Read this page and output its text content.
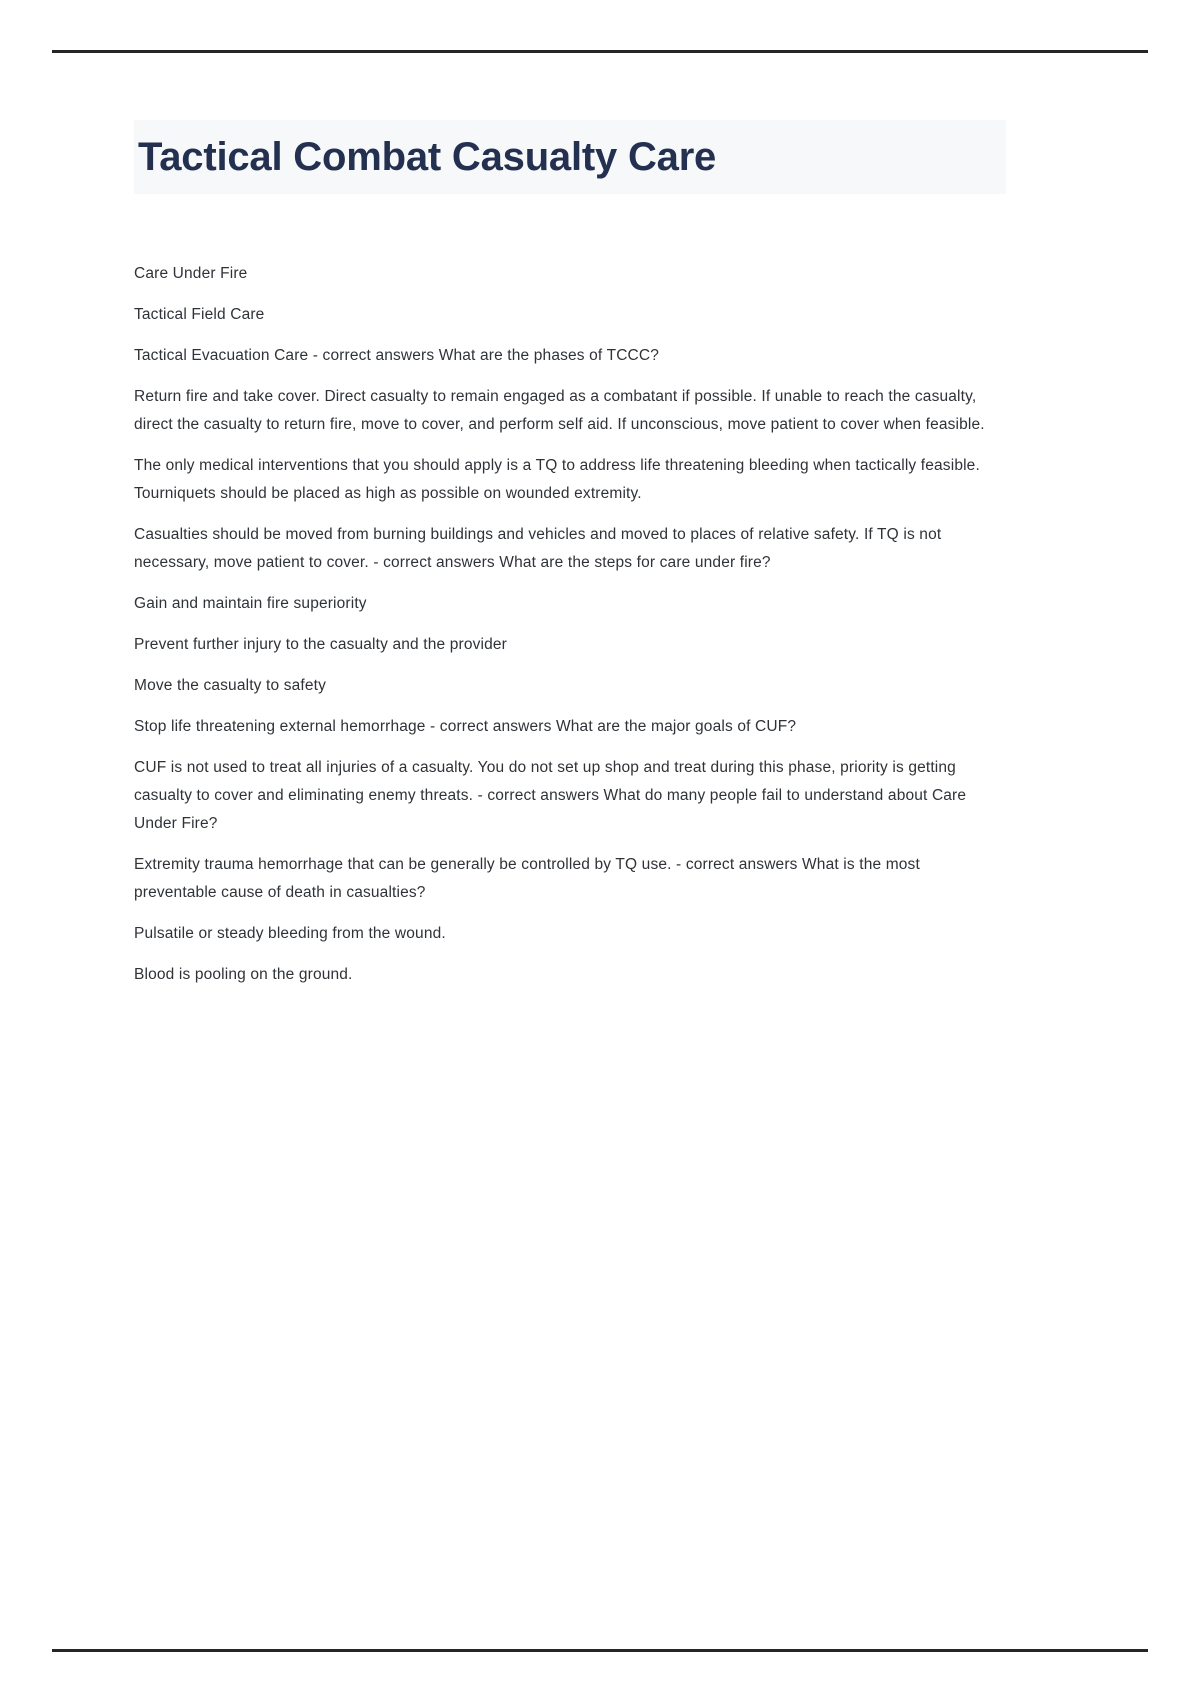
Tactical Combat Casualty Care

Care Under Fire

Tactical Field Care

Tactical Evacuation Care - correct answers What are the phases of TCCC?

Return fire and take cover. Direct casualty to remain engaged as a combatant if possible. If unable to reach the casualty, direct the casualty to return fire, move to cover, and perform self aid. If unconscious, move patient to cover when feasible.

The only medical interventions that you should apply is a TQ to address life threatening bleeding when tactically feasible. Tourniquets should be placed as high as possible on wounded extremity.

Casualties should be moved from burning buildings and vehicles and moved to places of relative safety. If TQ is not necessary, move patient to cover. - correct answers What are the steps for care under fire?

Gain and maintain fire superiority

Prevent further injury to the casualty and the provider

Move the casualty to safety

Stop life threatening external hemorrhage - correct answers What are the major goals of CUF?

CUF is not used to treat all injuries of a casualty. You do not set up shop and treat during this phase, priority is getting casualty to cover and eliminating enemy threats. - correct answers What do many people fail to understand about Care Under Fire?

Extremity trauma hemorrhage that can be generally be controlled by TQ use. - correct answers What is the most preventable cause of death in casualties?

Pulsatile or steady bleeding from the wound.

Blood is pooling on the ground.
